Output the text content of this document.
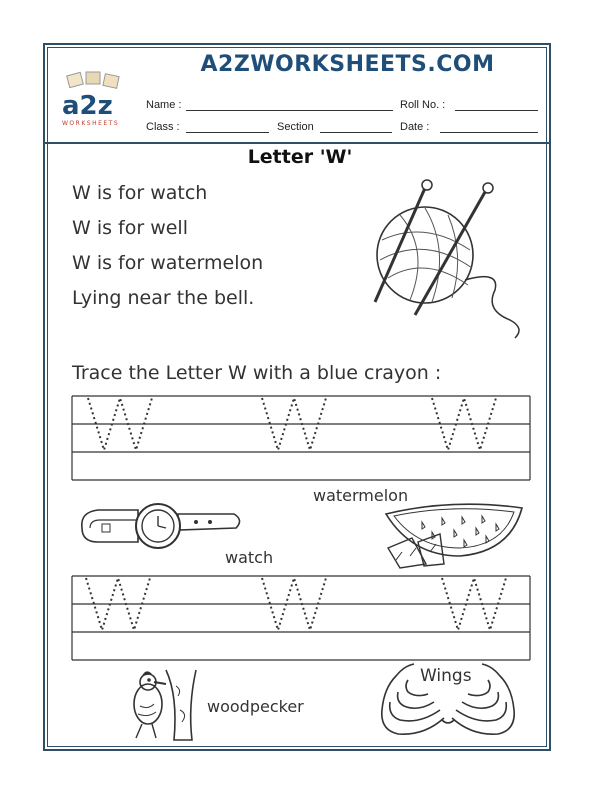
A2ZWORKSHEETS.COM
a2z
WORKSHEETS
Name :	Roll No. :
Class :	Section	Date :
Letter 'W'
W is for watch
W is for well
W is for watermelon
Lying near the bell.
Trace the Letter W with a blue crayon :
watch
watermelon
woodpecker
Wings
